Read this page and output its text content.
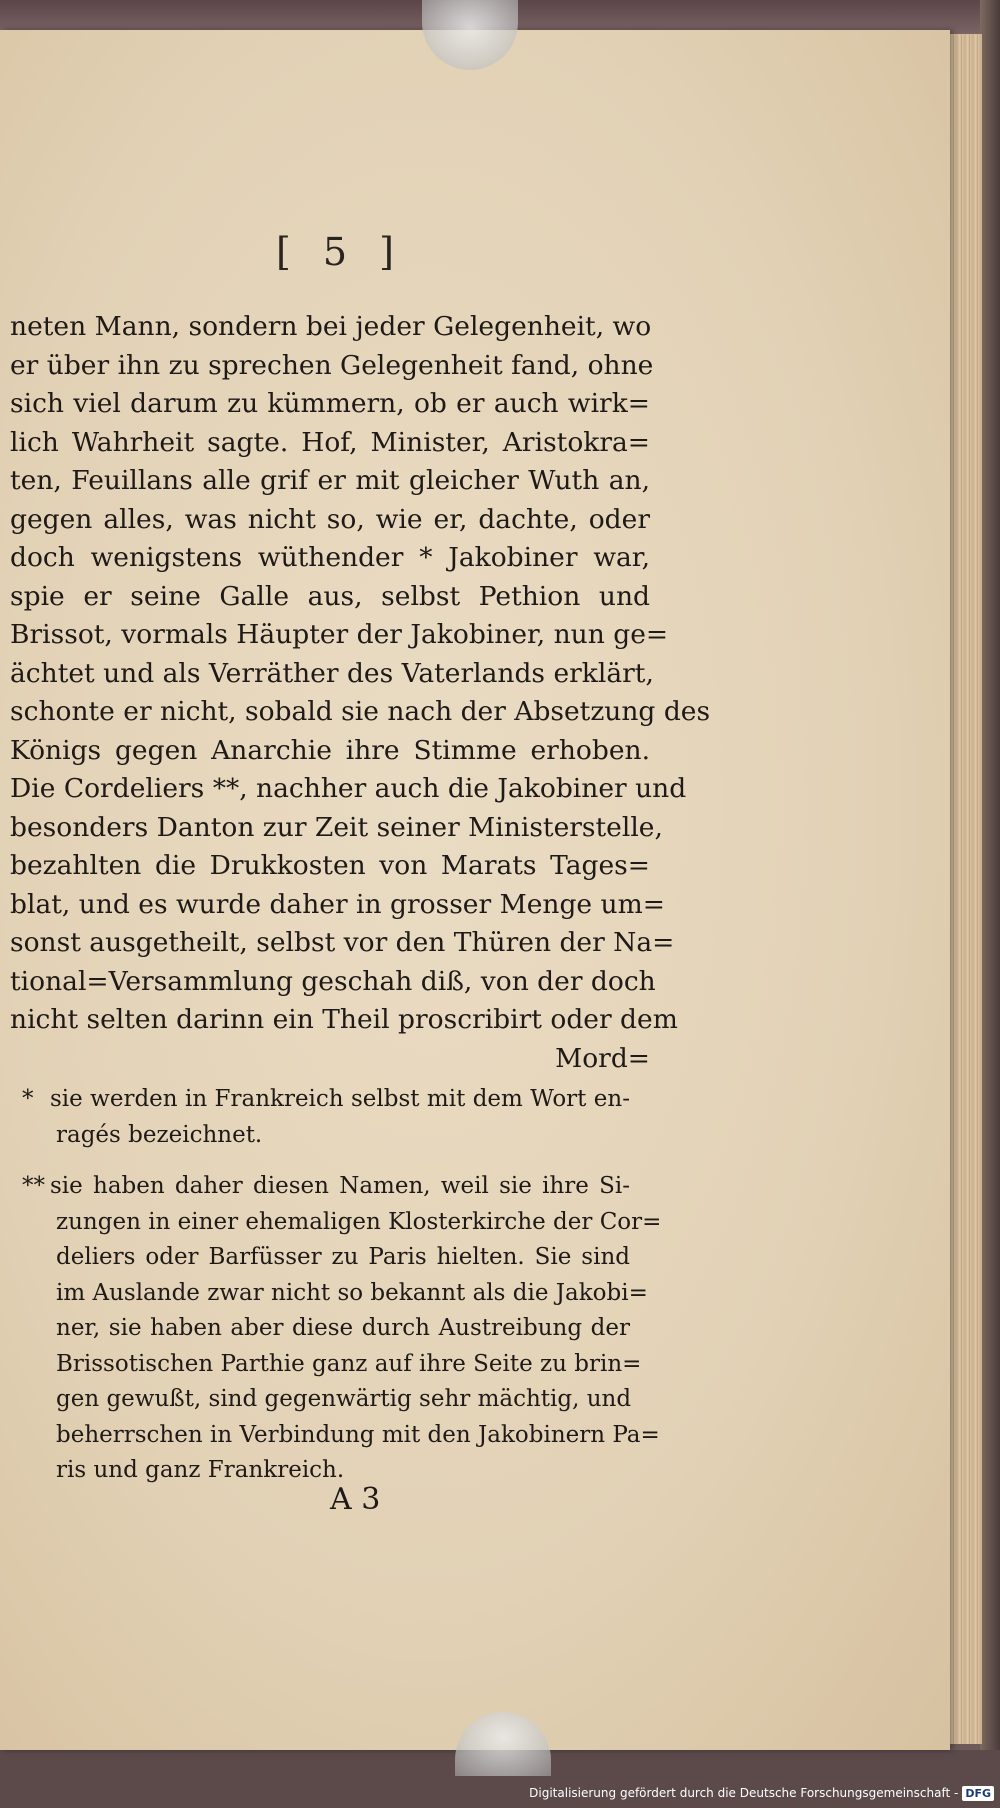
[ 5 ]
neten Mann, sondern bei jeder Gelegenheit, wo
er über ihn zu sprechen Gelegenheit fand, ohne
sich viel darum zu kümmern, ob er auch wirk=
lich Wahrheit sagte. Hof, Minister, Aristokra=
ten, Feuillans alle grif er mit gleicher Wuth an,
gegen alles, was nicht so, wie er, dachte, oder
doch wenigstens wüthender * Jakobiner war,
spie er seine Galle aus, selbst Pethion und
Brissot, vormals Häupter der Jakobiner, nun ge=
ächtet und als Verräther des Vaterlands erklärt,
schonte er nicht, sobald sie nach der Absetzung des
Königs gegen Anarchie ihre Stimme erhoben.
Die Cordeliers **, nachher auch die Jakobiner und
besonders Danton zur Zeit seiner Ministerstelle,
bezahlten die Drukkosten von Marats Tages=
blat, und es wurde daher in grosser Menge um=
sonst ausgetheilt, selbst vor den Thüren der Na=
tional=Versammlung geschah diß, von der doch
nicht selten darinn ein Theil proscribirt oder dem
Mord=
* sie werden in Frankreich selbst mit dem Wort en-
ragés bezeichnet.
** sie haben daher diesen Namen, weil sie ihre Si-
zungen in einer ehemaligen Klosterkirche der Cor=
deliers oder Barfüsser zu Paris hielten. Sie sind
im Auslande zwar nicht so bekannt als die Jakobi=
ner, sie haben aber diese durch Austreibung der
Brissotischen Parthie ganz auf ihre Seite zu brin=
gen gewußt, sind gegenwärtig sehr mächtig, und
beherrschen in Verbindung mit den Jakobinern Pa=
ris und ganz Frankreich.
A 3
Digitalisierung gefördert durch die Deutsche Forschungsgemeinschaft - DFG
